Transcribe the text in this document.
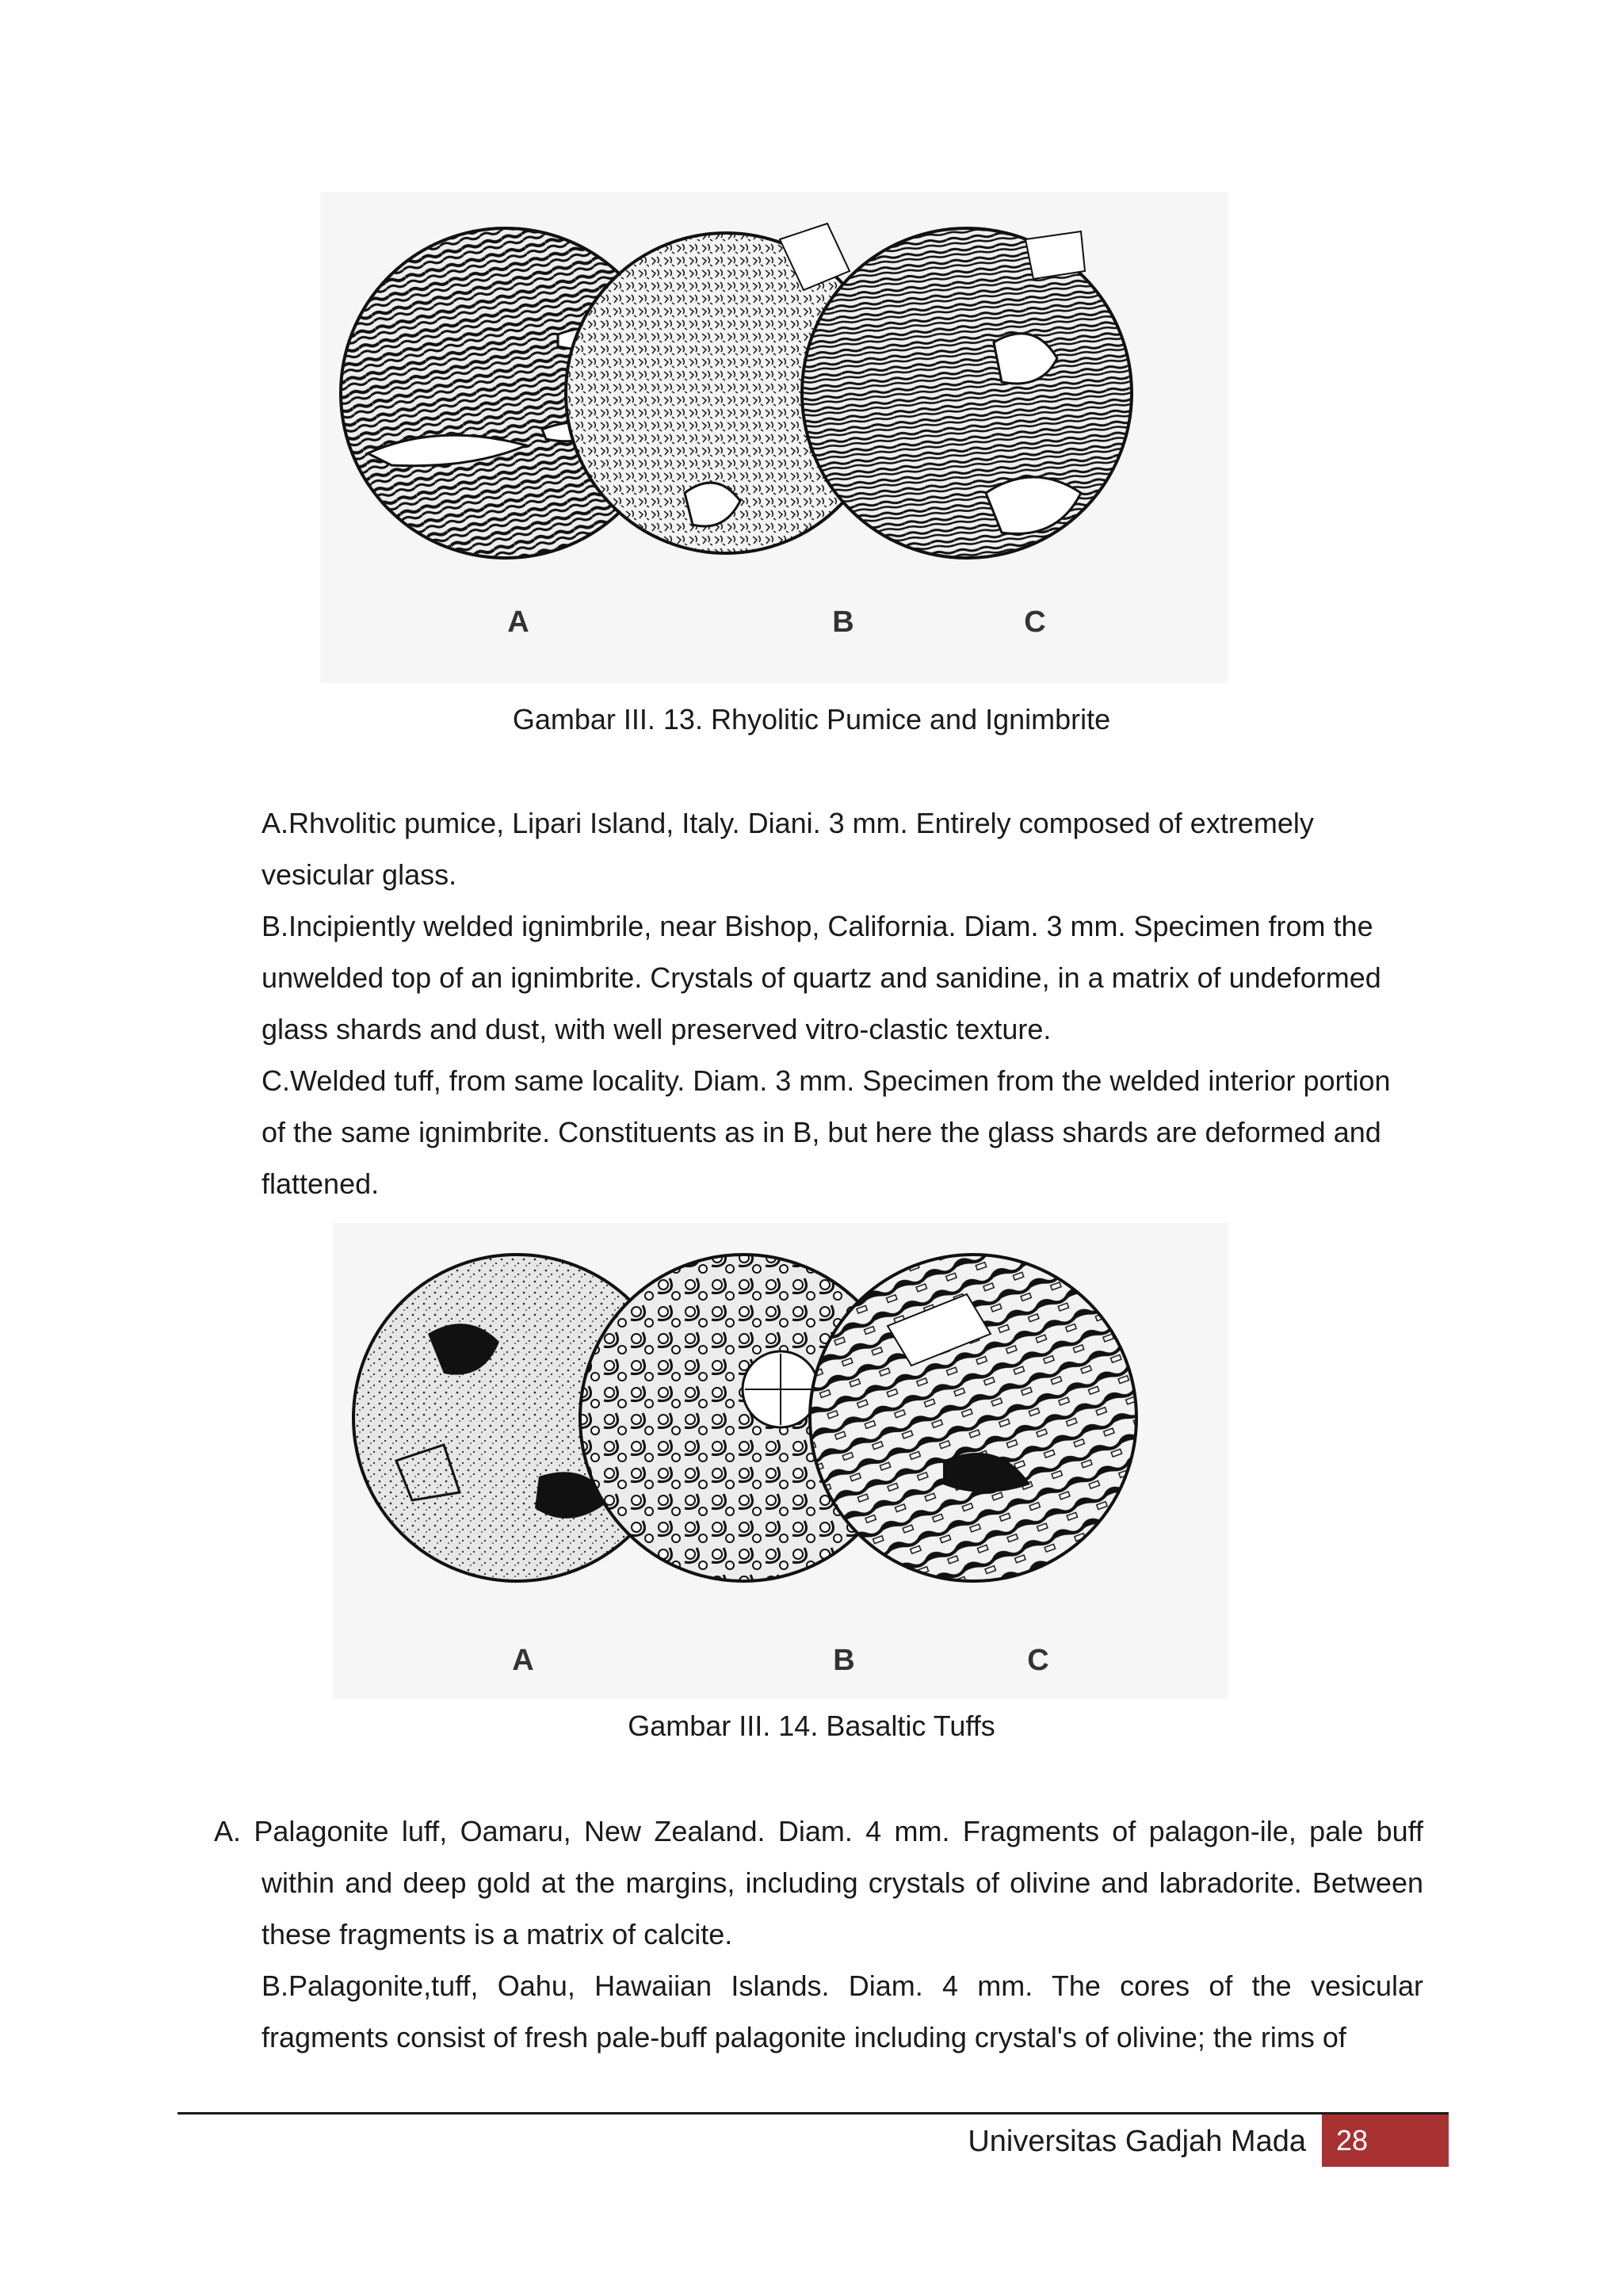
A	B	C
Gambar III. 13. Rhyolitic Pumice and Ignimbrite
A.Rhvolitic pumice, Lipari Island, Italy. Diani. 3 mm. Entirely composed of extremely vesicular glass.
B.Incipiently welded ignimbrile, near Bishop, California. Diam. 3 mm. Specimen from the unwelded top of an ignimbrite. Crystals of quartz and sanidine, in a matrix of undeformed glass shards and dust, with well preserved vitro-clastic texture.
C.Welded tuff, from same locality. Diam. 3 mm. Specimen from the welded interior portion of the same ignimbrite. Constituents as in B, but here the glass shards are deformed and flattened.
A	B	C
Gambar III. 14. Basaltic Tuffs
A. Palagonite luff, Oamaru, New Zealand. Diam. 4 mm. Fragments of palagon-ile, pale buff within and deep gold at the margins, including crystals of olivine and labradorite. Between these fragments is a matrix of calcite.
B.Palagonite,tuff, Oahu, Hawaiian Islands. Diam. 4 mm. The cores of the vesicular fragments consist of fresh pale-buff palagonite including crystal's of olivine; the rims of
Universitas Gadjah Mada	28
